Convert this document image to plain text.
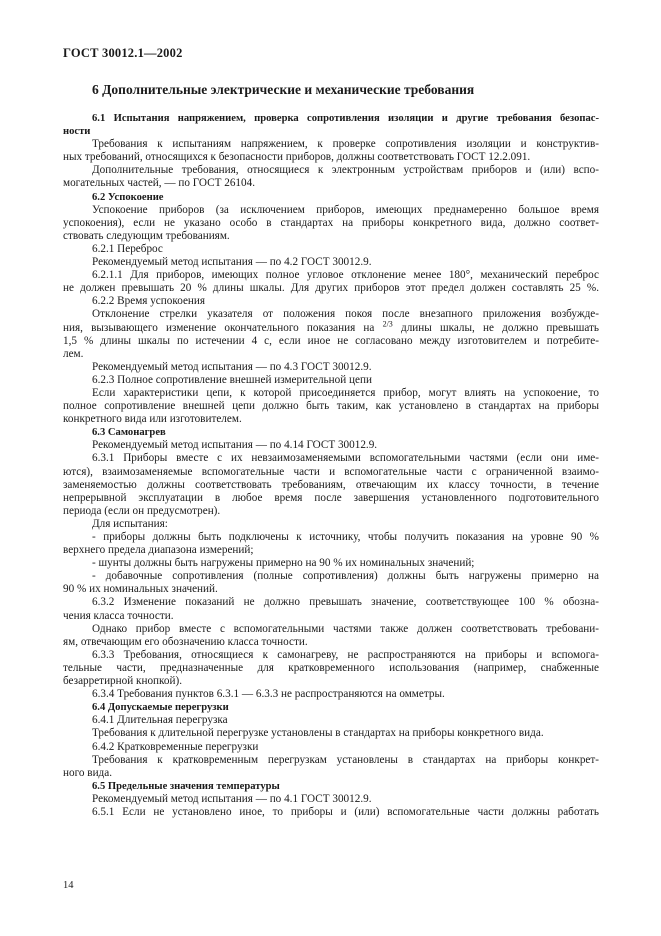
ГОСТ 30012.1—2002
6 Дополнительные электрические и механические требования
6.1 Испытания напряжением, проверка сопротивления изоляции и другие требования безопас-
ности
Требования к испытаниям напряжением, к проверке сопротивления изоляции и конструктив-
ных требований, относящихся к безопасности приборов, должны соответствовать ГОСТ 12.2.091.
Дополнительные требования, относящиеся к электронным устройствам приборов и (или) вспо-
могательных частей, — по ГОСТ 26104.
6.2 Успокоение
Успокоение приборов (за исключением приборов, имеющих преднамеренно большое время
успокоения), если не указано особо в стандартах на приборы конкретного вида, должно соответ-
ствовать следующим требованиям.
6.2.1 Переброс
Рекомендуемый метод испытания — по 4.2 ГОСТ 30012.9.
6.2.1.1 Для приборов, имеющих полное угловое отклонение менее 180°, механический переброс
не должен превышать 20 % длины шкалы. Для других приборов этот предел должен составлять 25 %.
6.2.2 Время успокоения
Отклонение стрелки указателя от положения покоя после внезапного приложения возбужде-
ния, вызывающего изменение окончательного показания на $^{2/3}$ длины шкалы, не должно превышать
1,5 % длины шкалы по истечении 4 с, если иное не согласовано между изготовителем и потребите-
лем.
Рекомендуемый метод испытания — по 4.3 ГОСТ 30012.9.
6.2.3 Полное сопротивление внешней измерительной цепи
Если характеристики цепи, к которой присоединяется прибор, могут влиять на успокоение, то
полное сопротивление внешней цепи должно быть таким, как установлено в стандартах на приборы
конкретного вида или изготовителем.
6.3 Самонагрев
Рекомендуемый метод испытания — по 4.14 ГОСТ 30012.9.
6.3.1 Приборы вместе с их невзаимозаменяемыми вспомогательными частями (если они име-
ются), взаимозаменяемые вспомогательные части и вспомогательные части с ограниченной взаимо-
заменяемостью должны соответствовать требованиям, отвечающим их классу точности, в течение
непрерывной эксплуатации в любое время после завершения установленного подготовительного
периода (если он предусмотрен).
Для испытания:
- приборы должны быть подключены к источнику, чтобы получить показания на уровне 90 %
верхнего предела диапазона измерений;
- шунты должны быть нагружены примерно на 90 % их номинальных значений;
- добавочные сопротивления (полные сопротивления) должны быть нагружены примерно на
90 % их номинальных значений.
6.3.2 Изменение показаний не должно превышать значение, соответствующее 100 % обозна-
чения класса точности.
Однако прибор вместе с вспомогательными частями также должен соответствовать требовани-
ям, отвечающим его обозначению класса точности.
6.3.3 Требования, относящиеся к самонагреву, не распространяются на приборы и вспомога-
тельные части, предназначенные для кратковременного использования (например, снабженные
безарретирной кнопкой).
6.3.4 Требования пунктов 6.3.1 — 6.3.3 не распространяются на омметры.
6.4 Допускаемые перегрузки
6.4.1 Длительная перегрузка
Требования к длительной перегрузке установлены в стандартах на приборы конкретного вида.
6.4.2 Кратковременные перегрузки
Требования к кратковременным перегрузкам установлены в стандартах на приборы конкрет-
ного вида.
6.5 Предельные значения температуры
Рекомендуемый метод испытания — по 4.1 ГОСТ 30012.9.
6.5.1 Если не установлено иное, то приборы и (или) вспомогательные части должны работать
14
